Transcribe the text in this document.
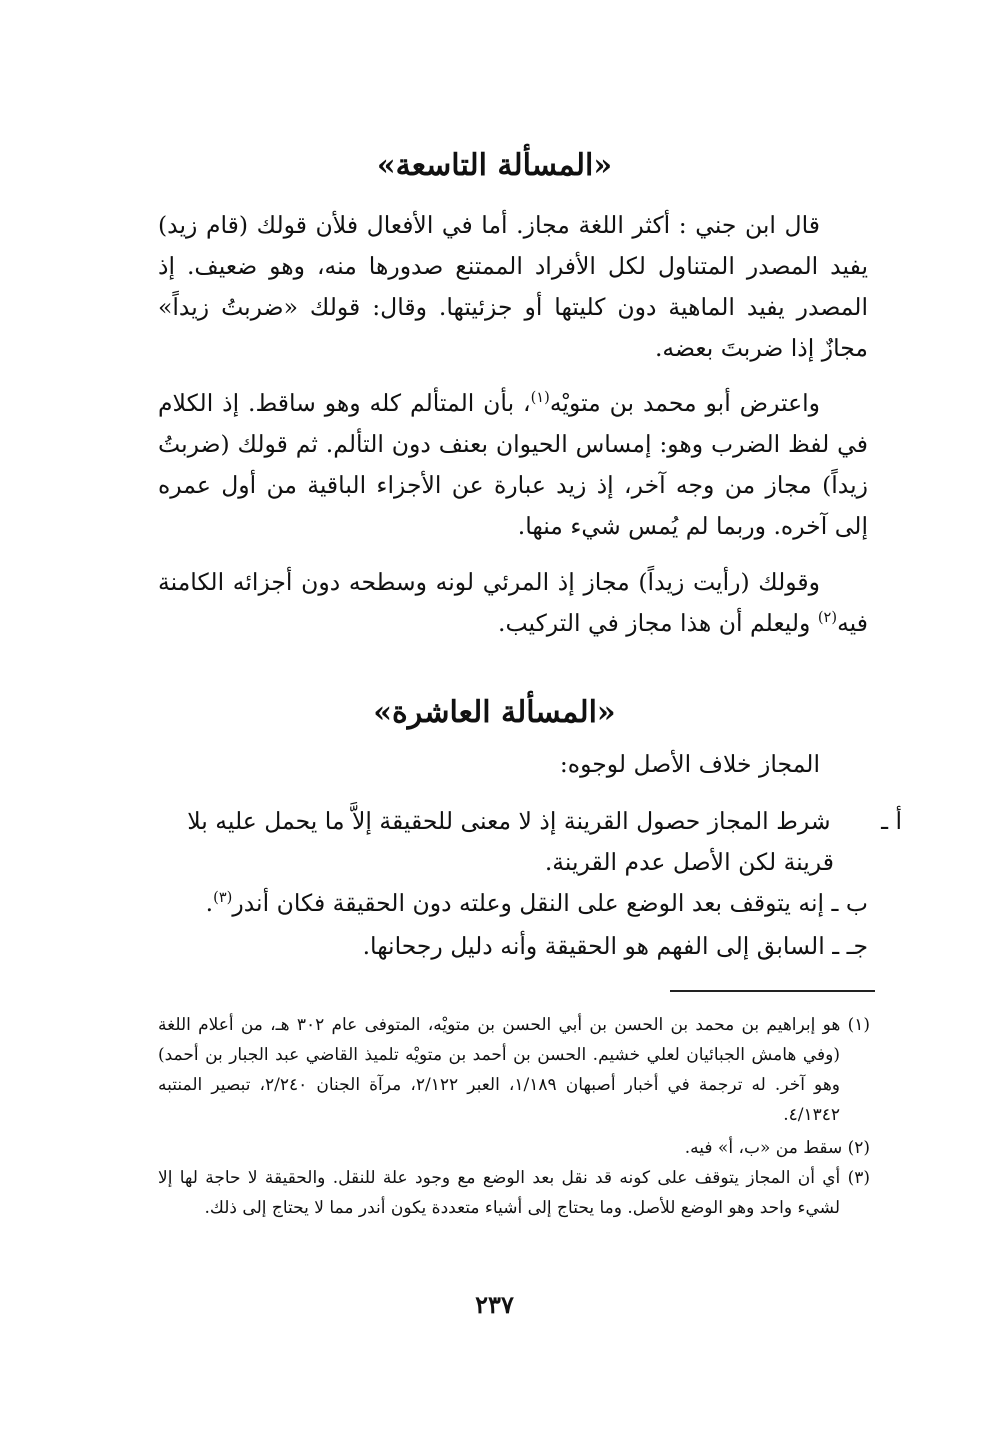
«المسألة التاسعة»

قال ابن جني : أكثر اللغة مجاز. أما في الأفعال فلأن قولك (قام زيد) يفيد المصدر المتناول لكل الأفراد الممتنع صدورها منه، وهو ضعيف. إذ المصدر يفيد الماهية دون كليتها أو جزئيتها. وقال: قولك «ضربتُ زيداً» مجازٌ إذا ضربتَ بعضه.

واعترض أبو محمد بن متويْه$^{(١)}$، بأن المتألم كله وهو ساقط. إذ الكلام في لفظ الضرب وهو: إمساس الحيوان بعنف دون التألم. ثم قولك (ضربتُ زيداً) مجاز من وجه آخر، إذ زيد عبارة عن الأجزاء الباقية من أول عمره إلى آخره. وربما لم يُمس شيء منها.

وقولك (رأيت زيداً) مجاز إذ المرئي لونه وسطحه دون أجزائه الكامنة فيه$^{(٢)}$ وليعلم أن هذا مجاز في التركيب.

«المسألة العاشرة»

المجاز خلاف الأصل لوجوه:

أ ـ شرط المجاز حصول القرينة إذ لا معنى للحقيقة إلاَّ ما يحمل عليه بلا قرينة لكن الأصل عدم القرينة.
ب ـ إنه يتوقف بعد الوضع على النقل وعلته دون الحقيقة فكان أندر$^{(٣)}$.
جـ ـ السابق إلى الفهم هو الحقيقة وأنه دليل رجحانها.

(١) هو إبراهيم بن محمد بن الحسن بن أبي الحسن بن متويْه، المتوفى عام ٣٠٢ هـ، من أعلام اللغة (وفي هامش الجبائيان لعلي خشيم. الحسن بن أحمد بن متويْه تلميذ القاضي عبد الجبار بن أحمد) وهو آخر. له ترجمة في أخبار أصبهان ١/١٨٩، العبر ٢/١٢٢، مرآة الجنان ٢/٢٤٠، تبصير المنتبه ٤/١٣٤٢.

(٢) سقط من «ب، أ» فيه.

(٣) أي أن المجاز يتوقف على كونه قد نقل بعد الوضع مع وجود علة للنقل. والحقيقة لا حاجة لها إلا لشيء واحد وهو الوضع للأصل. وما يحتاج إلى أشياء متعددة يكون أندر مما لا يحتاج إلى ذلك.

٢٣٧
